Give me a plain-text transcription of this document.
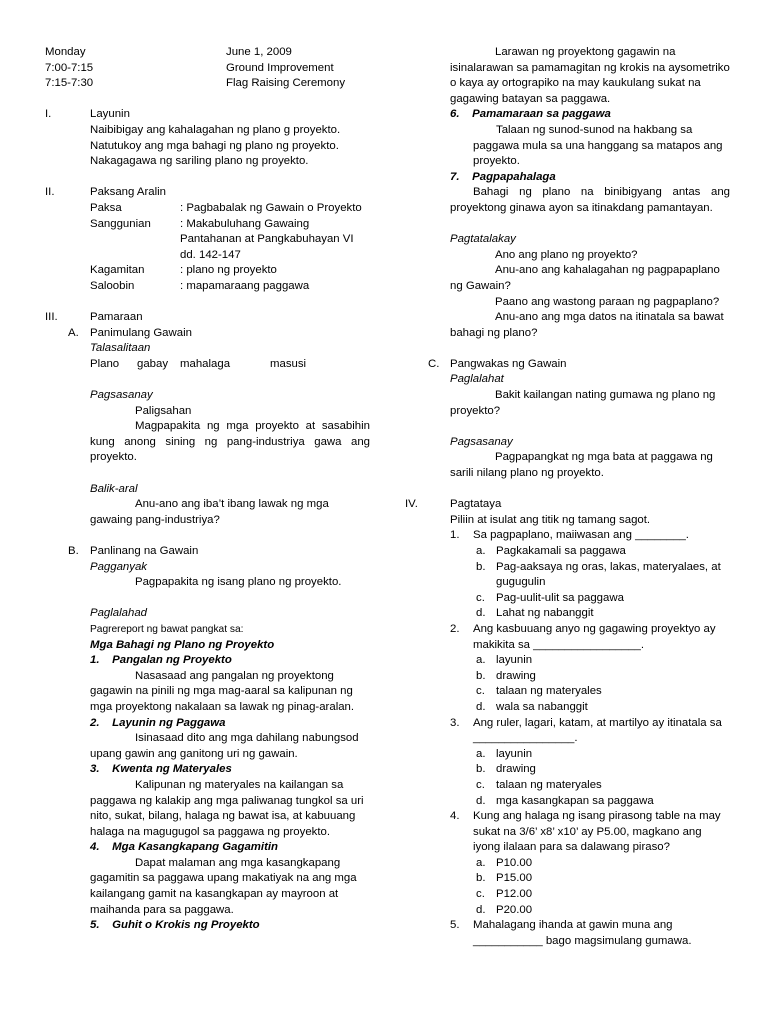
Monday	June 1, 2009
7:00-7:15	Ground Improvement
7:15-7:30	Flag Raising Ceremony
I.	Layunin
Naibibigay ang kahalagahan ng plano g proyekto.
Natutukoy ang mga bahagi ng plano ng proyekto.
Nakagagawa ng sariling plano ng proyekto.
II.	Paksang Aralin
Paksa	: Pagbabalak ng Gawain o Proyekto
Sanggunian	: Makabuluhang Gawaing
Pantahanan at Pangkabuhayan VI
dd. 142-147
Kagamitan	: plano ng proyekto
Saloobin	: mapamaraang paggawa
III.	Pamaraan
A. Panimulang Gawain
Talasalitaan
Plano gabay mahalaga	masusi
Pagsasanay
Paligsahan
Magpapakita ng mga proyekto at sasabihin kung anong sining ng pang-industriya gawa ang proyekto.
Balik-aral
Anu-ano ang iba’t ibang lawak ng mga gawaing pang-industriya?
B. Panlinang na Gawain
Pagganyak
Pagpapakita ng isang plano ng proyekto.
Paglalahad
Pagrereport ng bawat pangkat sa:
Mga Bahagi ng Plano ng Proyekto
1.    Pangalan ng Proyekto
Nasasaad ang pangalan ng proyektong gagawin na pinili ng mga mag-aaral sa kalipunan ng mga proyektong nakalaan sa lawak ng pinag-aralan.
2.    Layunin ng Paggawa
Isinasaad dito ang mga dahilang nabungsod upang gawin ang ganitong uri ng gawain.
3.    Kwenta ng Materyales
Kalipunan ng materyales na kailangan sa paggawa ng kalakip ang mga paliwanag tungkol sa uri nito, sukat, bilang, halaga ng bawat isa, at kabuuang halaga na magugugol sa paggawa ng proyekto.
4.    Mga Kasangkapang Gagamitin
Dapat malaman ang mga kasangkapang gagamitin sa paggawa upang makatiyak na ang mga kailangang gamit na kasangkapan ay mayroon at maihanda para sa paggawa.
5.    Guhit o Krokis ng Proyekto
Larawan ng proyektong gagawin na isinalarawan sa pamamagitan ng krokis na aysometriko o kaya ay ortograpiko na may kaukulang sukat na gagawing batayan sa paggawa.
6.    Pamamaraan sa paggawa
Talaan ng sunod-sunod na hakbang sa paggawa mula sa una hanggang sa matapos ang proyekto.
7.    Pagpapahalaga
Bahagi ng plano na binibigyang antas ang proyektong ginawa ayon sa itinakdang pamantayan.
Pagtatalakay
Ano ang plano ng proyekto?
Anu-ano ang kahalagahan ng pagpapaplano ng Gawain?
Paano ang wastong paraan ng pagpaplano?
Anu-ano ang mga datos na itinatala sa bawat bahagi ng plano?
C. Pangwakas ng Gawain
Paglalahat
Bakit kailangan nating gumawa ng plano ng proyekto?
Pagsasanay
Pagpapangkat ng mga bata at paggawa ng sarili nilang plano ng proyekto.
IV.	Pagtataya
Piliin at isulat ang titik ng tamang sagot.
1. Sa pagpaplano, maiiwasan ang ________.
a. Pagkakamali sa paggawa
b. Pag-aaksaya ng oras, lakas, materyalaes, at gugugulin
c. Pag-uulit-ulit sa paggawa
d. Lahat ng nabanggit
2. Ang kasbuuang anyo ng gagawing proyektyo ay makikita sa _________________.
a. layunin
b. drawing
c. talaan ng materyales
d. wala sa nabanggit
3. Ang ruler, lagari, katam, at martilyo ay itinatala sa ________________.
a. layunin
b. drawing
c. talaan ng materyales
d. mga kasangkapan sa paggawa
4. Kung ang halaga ng isang pirasong table na may sukat na 3/6’ x8’ x10’ ay P5.00, magkano ang iyong ilalaan para sa dalawang piraso?
a. P10.00
b. P15.00
c. P12.00
d. P20.00
5. Mahalagang ihanda at gawin muna ang
___________ bago magsimulang gumawa.
